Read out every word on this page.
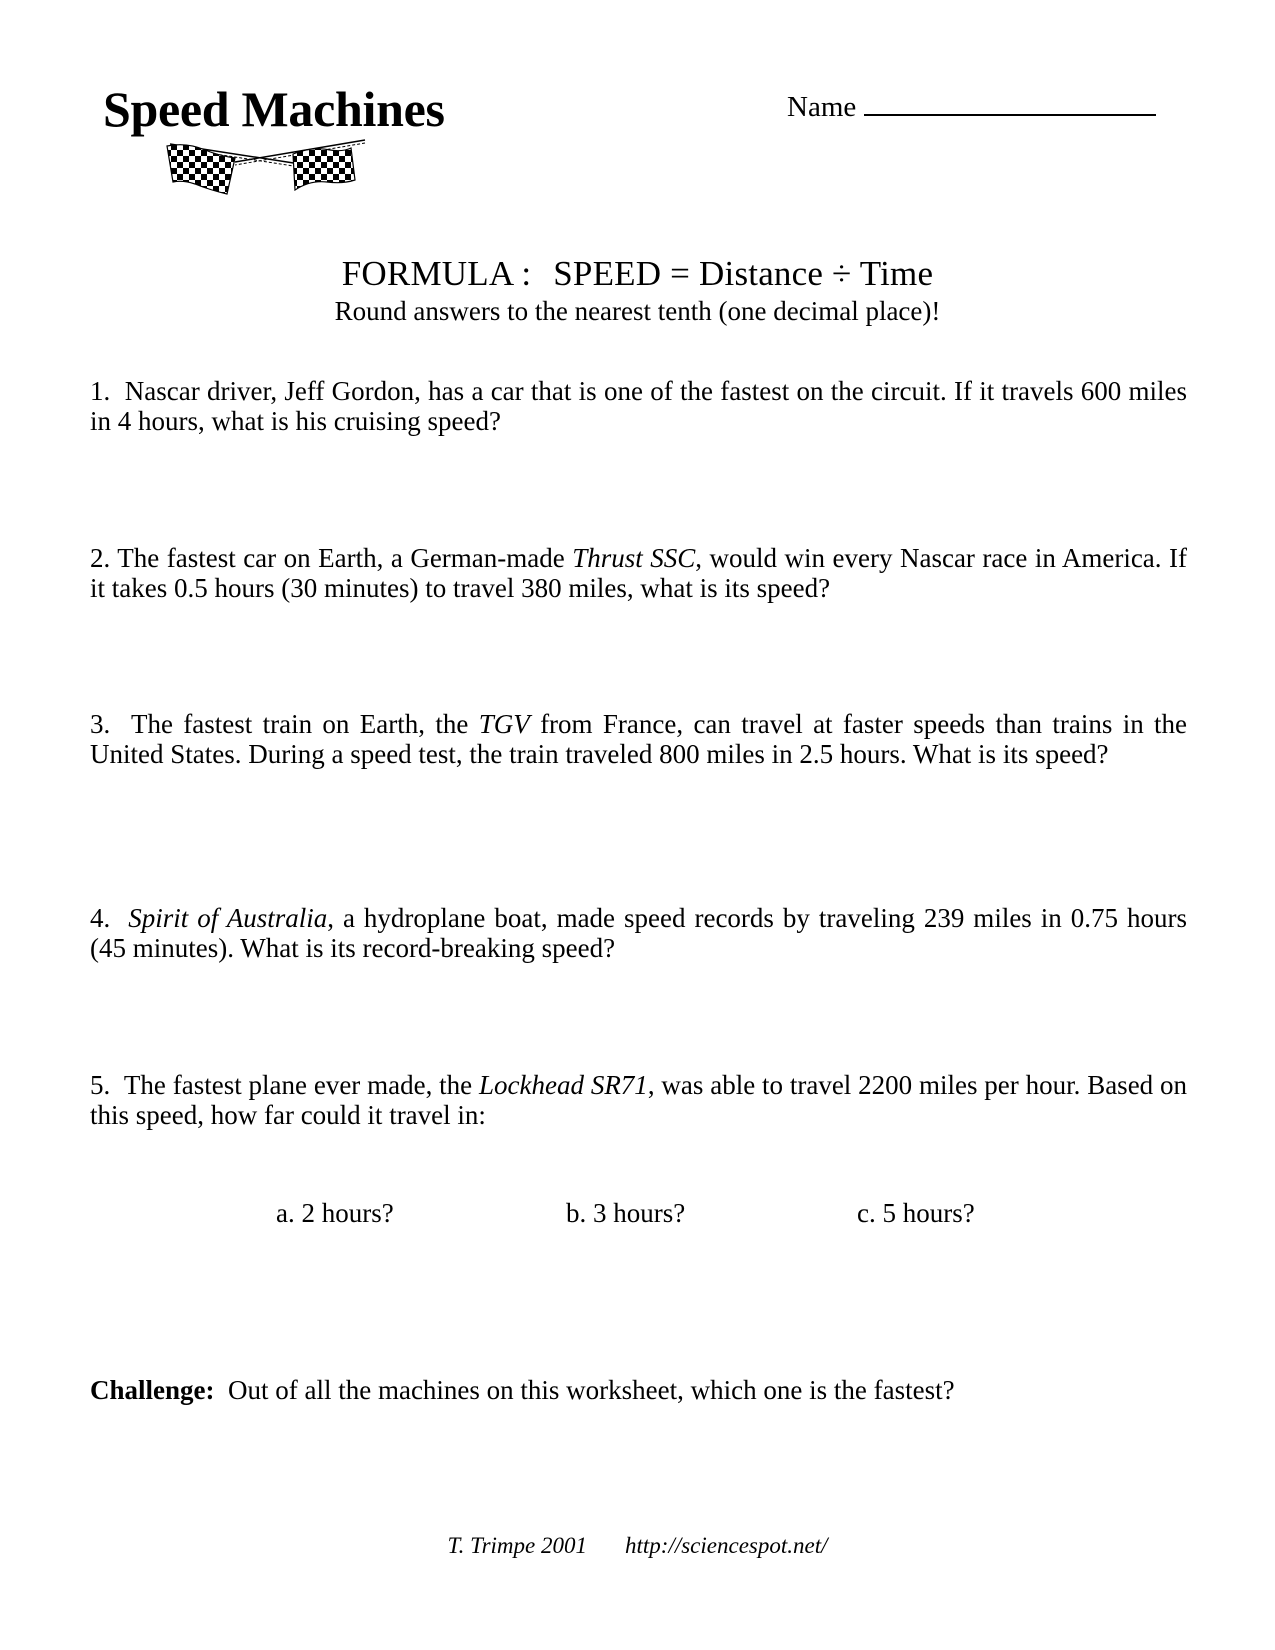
Speed Machines	Name
FORMULA : SPEED = Distance ÷ Time
Round answers to the nearest tenth (one decimal place)!
1. Nascar driver, Jeff Gordon, has a car that is one of the fastest on the circuit. If it travels 600 miles in 4 hours, what is his cruising speed?
2. The fastest car on Earth, a German-made Thrust SSC, would win every Nascar race in America. If it takes 0.5 hours (30 minutes) to travel 380 miles, what is its speed?
3. The fastest train on Earth, the TGV from France, can travel at faster speeds than trains in the United States. During a speed test, the train traveled 800 miles in 2.5 hours. What is its speed?
4. Spirit of Australia, a hydroplane boat, made speed records by traveling 239 miles in 0.75 hours (45 minutes). What is its record-breaking speed?
5. The fastest plane ever made, the Lockhead SR71, was able to travel 2200 miles per hour. Based on this speed, how far could it travel in:
a. 2 hours?	b. 3 hours?	c. 5 hours?
Challenge: Out of all the machines on this worksheet, which one is the fastest?
T. Trimpe 2001 http://sciencespot.net/
